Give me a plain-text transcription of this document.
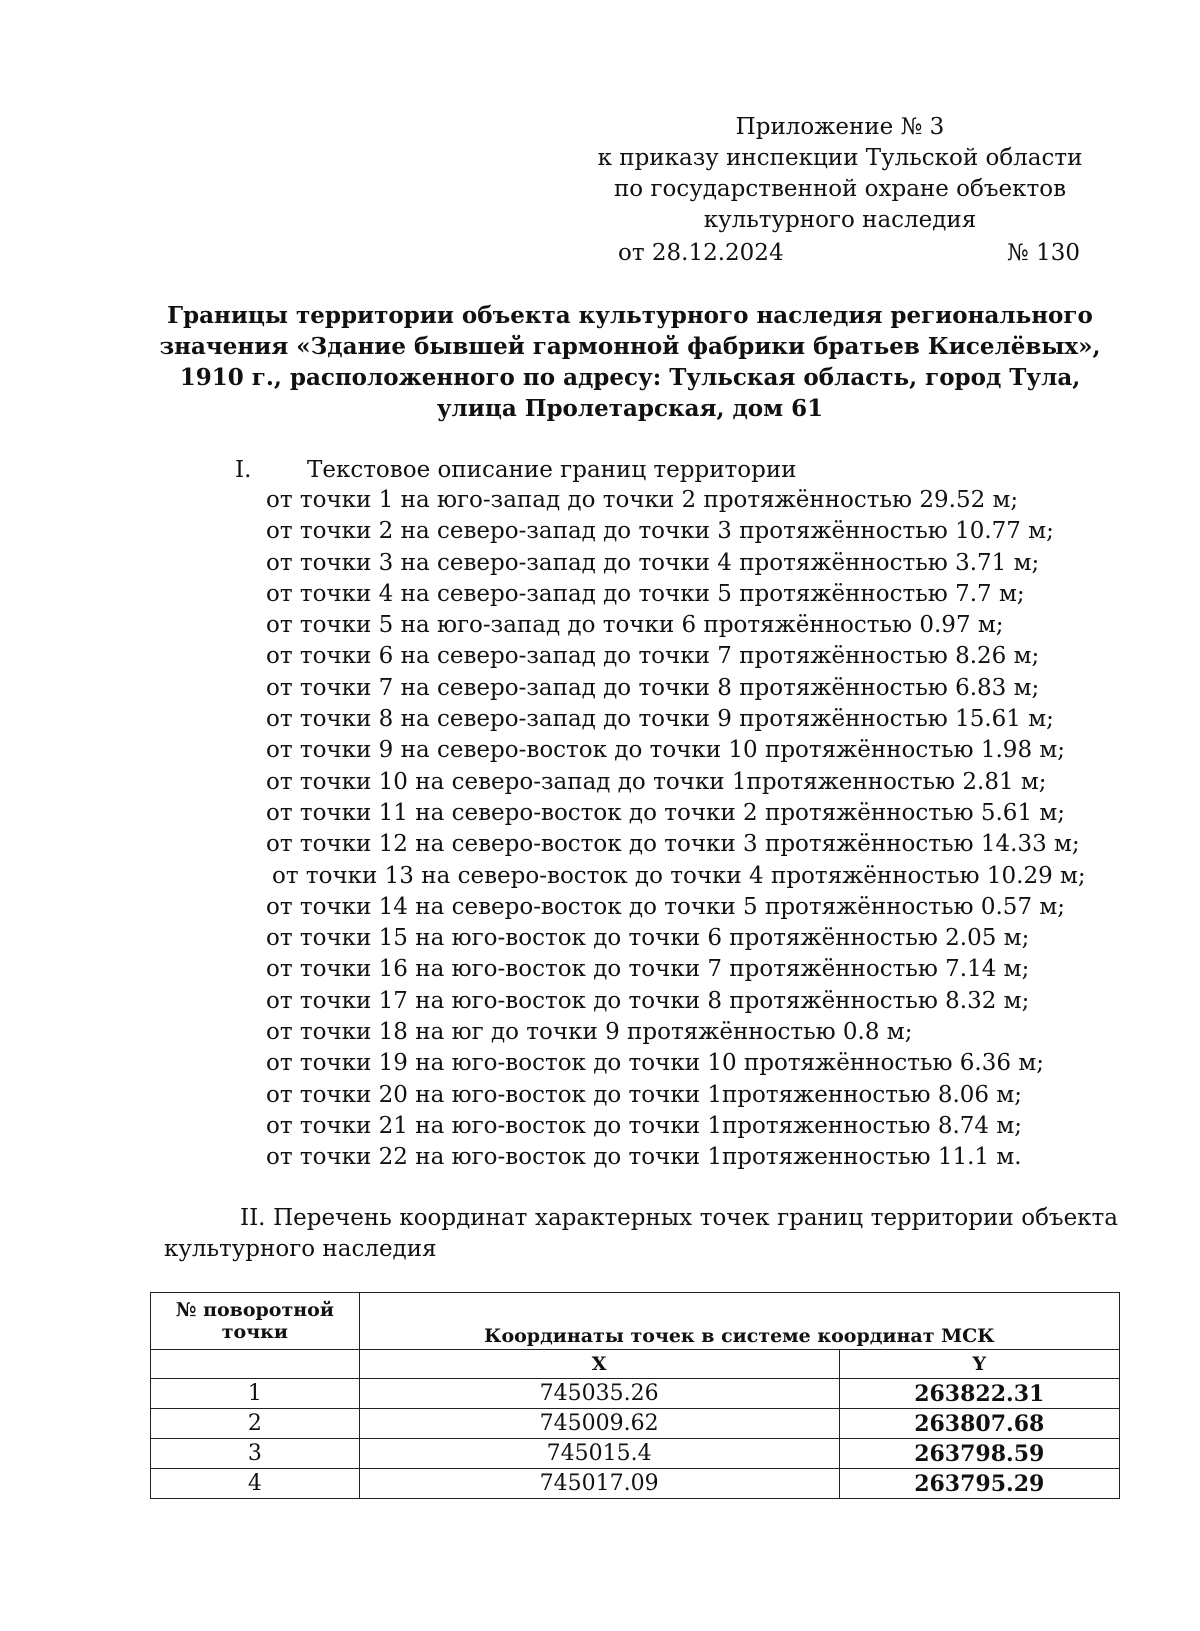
Приложение № 3
к приказу инспекции Тульской области
по государственной охране объектов
культурного наследия
от 28.12.2024	№ 130
Границы территории объекта культурного наследия регионального
значения «Здание бывшей гармонной фабрики братьев Киселёвых»,
1910 г., расположенного по адресу: Тульская область, город Тула,
улица Пролетарская, дом 61
I.	Текстовое описание границ территории
от точки 1 на юго-запад до точки 2 протяжённостью 29.52 м;
от точки 2 на северо-запад до точки 3 протяжённостью 10.77 м;
от точки 3 на северо-запад до точки 4 протяжённостью 3.71 м;
от точки 4 на северо-запад до точки 5 протяжённостью 7.7 м;
от точки 5 на юго-запад до точки 6 протяжённостью 0.97 м;
от точки 6 на северо-запад до точки 7 протяжённостью 8.26 м;
от точки 7 на северо-запад до точки 8 протяжённостью 6.83 м;
от точки 8 на северо-запад до точки 9 протяжённостью 15.61 м;
от точки 9 на северо-восток до точки 10 протяжённостью 1.98 м;
от точки 10 на северо-запад до точки 1протяженностью 2.81 м;
от точки 11 на северо-восток до точки 2 протяжённостью 5.61 м;
от точки 12 на северо-восток до точки 3 протяжённостью 14.33 м;
от точки 13 на северо-восток до точки 4 протяжённостью 10.29 м;
от точки 14 на северо-восток до точки 5 протяжённостью 0.57 м;
от точки 15 на юго-восток до точки 6 протяжённостью 2.05 м;
от точки 16 на юго-восток до точки 7 протяжённостью 7.14 м;
от точки 17 на юго-восток до точки 8 протяжённостью 8.32 м;
от точки 18 на юг до точки 9 протяжённостью 0.8 м;
от точки 19 на юго-восток до точки 10 протяжённостью 6.36 м;
от точки 20 на юго-восток до точки 1протяженностью 8.06 м;
от точки 21 на юго-восток до точки 1протяженностью 8.74 м;
от точки 22 на юго-восток до точки 1протяженностью 11.1 м.
II. Перечень координат характерных точек границ территории объекта
культурного наследия
№ поворотной точки	Координаты точек в системе координат МСК	
	X	Y
1	745035.26	263822.31
2	745009.62	263807.68
3	745015.4	263798.59
4	745017.09	263795.29
